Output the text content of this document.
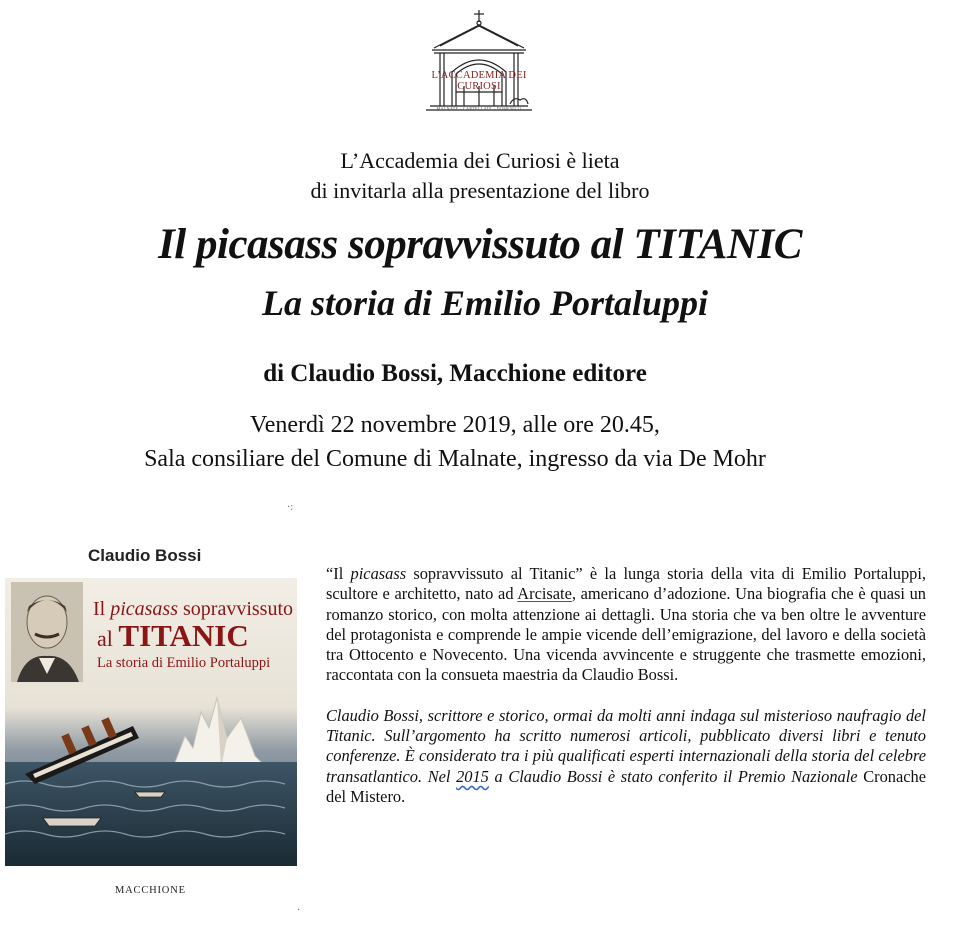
L’ACCADEMIA DEI CURIOSI
MALNATE · CARTELLATE · DOMENICO
L’Accademia dei Curiosi è lieta
di invitarla alla presentazione del libro
Il picasass sopravvissuto al TITANIC
La storia di Emilio Portaluppi
di Claudio Bossi, Macchione editore
Venerdì 22 novembre 2019, alle ore 20.45,
Sala consiliare del Comune di Malnate, ingresso da via De Mohr
·:
Claudio Bossi
Il picasass sopravvissuto
al TITANIC
La storia di Emilio Portaluppi
MACCHIONE
·

“Il picasass sopravvissuto al Titanic” è la lunga storia della vita di Emilio Portaluppi, scultore e architetto, nato ad Arcisate, americano d’adozione. Una biografia che è quasi un romanzo storico, con molta attenzione ai dettagli. Una storia che va ben oltre le avventure del protagonista e comprende le ampie vicende dell’emigrazione, del lavoro e della società tra Ottocento e Novecento. Una vicenda avvincente e struggente che trasmette emozioni, raccontata con la consueta maestria da Claudio Bossi.

Claudio Bossi, scrittore e storico, ormai da molti anni indaga sul misterioso naufragio del Titanic. Sull’argomento ha scritto numerosi articoli, pubblicato diversi libri e tenuto conferenze. È considerato tra i più qualificati esperti internazionali della storia del celebre transatlantico. Nel 2015 a Claudio Bossi è stato conferito il Premio Nazionale Cronache del Mistero.
